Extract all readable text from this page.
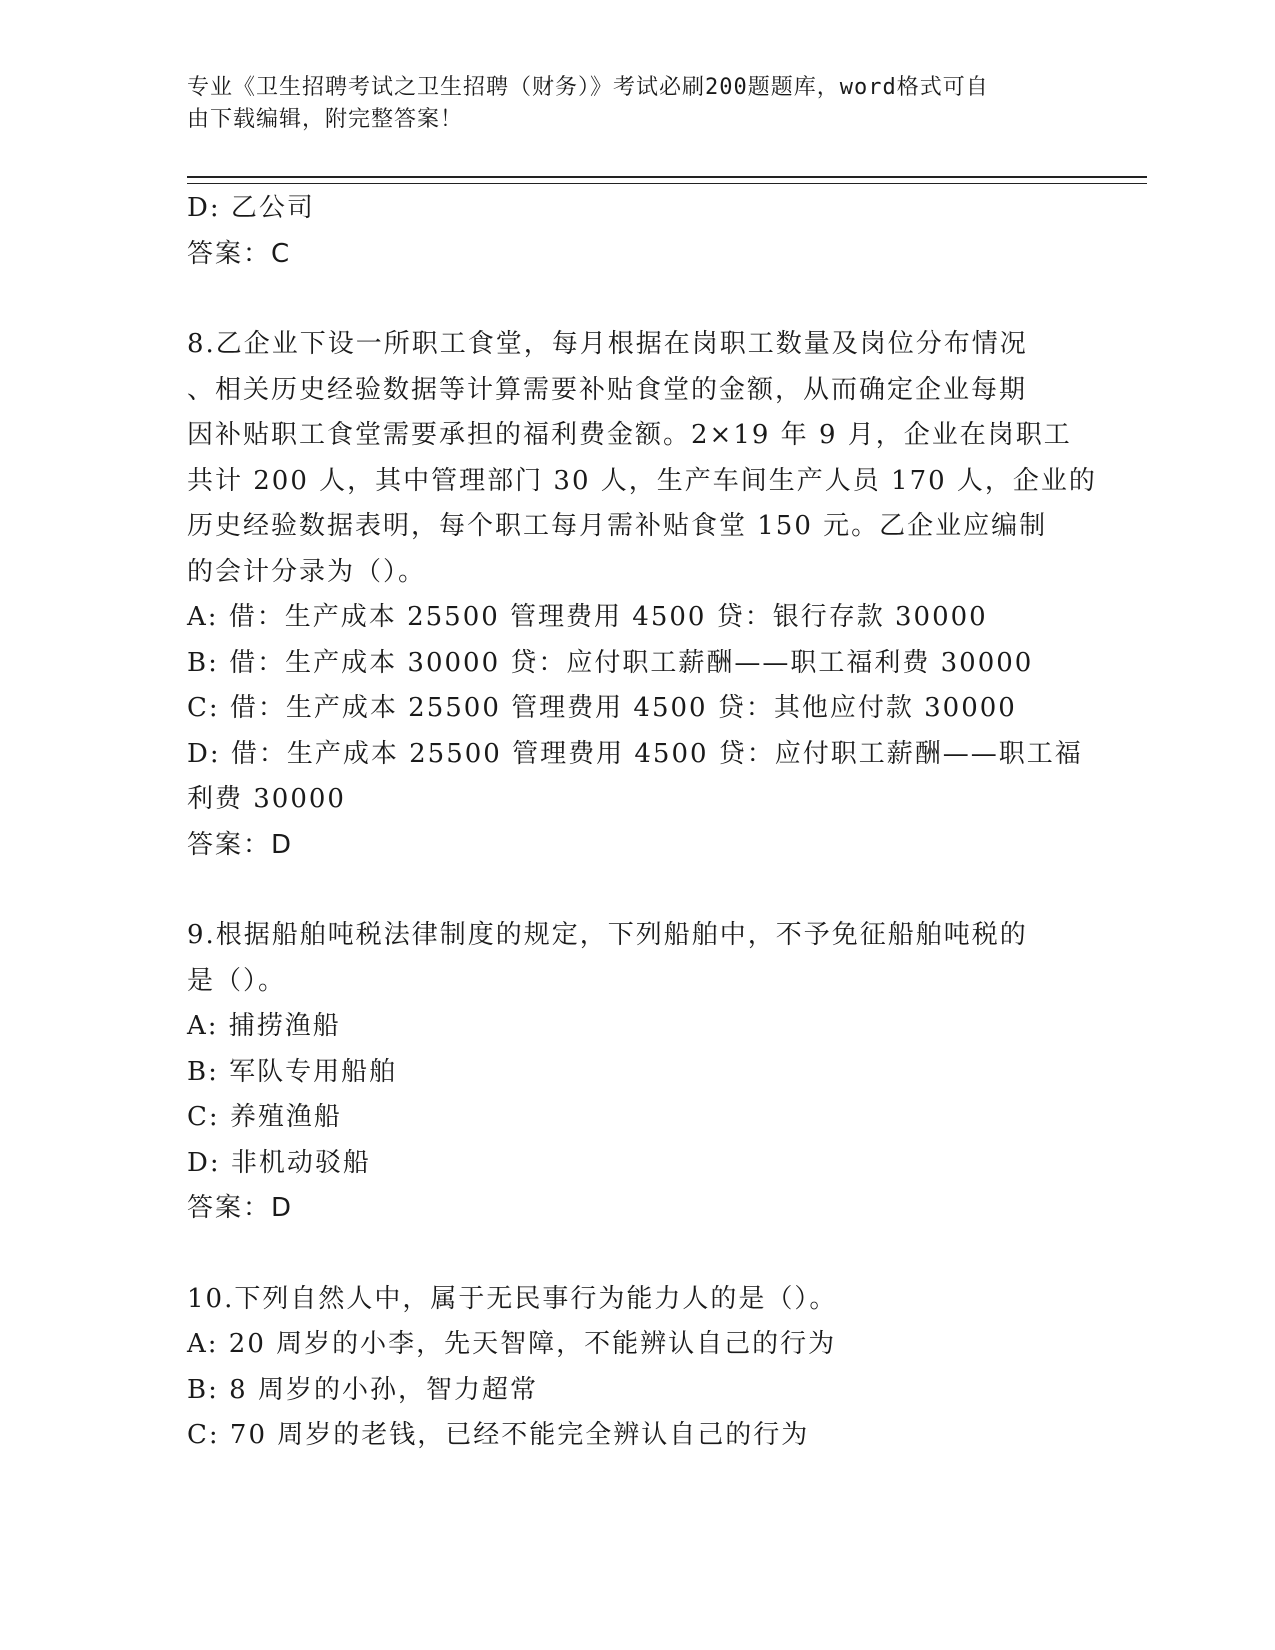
专业《卫生招聘考试之卫生招聘（财务）》考试必刷200题题库，word格式可自
由下载编辑，附完整答案！
D: 乙公司
答案：C
8.乙企业下设一所职工食堂，每月根据在岗职工数量及岗位分布情况
、相关历史经验数据等计算需要补贴食堂的金额，从而确定企业每期
因补贴职工食堂需要承担的福利费金额。2×19 年 9 月，企业在岗职工
共计 200 人，其中管理部门 30 人，生产车间生产人员 170 人，企业的
历史经验数据表明，每个职工每月需补贴食堂 150 元。乙企业应编制
的会计分录为（）。
A: 借：生产成本 25500 管理费用 4500 贷：银行存款 30000
B: 借：生产成本 30000 贷：应付职工薪酬——职工福利费 30000
C: 借：生产成本 25500 管理费用 4500 贷：其他应付款 30000
D: 借：生产成本 25500 管理费用 4500 贷：应付职工薪酬——职工福
利费 30000
答案：D
9.根据船舶吨税法律制度的规定，下列船舶中，不予免征船舶吨税的
是（）。
A: 捕捞渔船
B: 军队专用船舶
C: 养殖渔船
D: 非机动驳船
答案：D
10.下列自然人中，属于无民事行为能力人的是（）。
A: 20 周岁的小李，先天智障，不能辨认自己的行为
B: 8 周岁的小孙，智力超常
C: 70 周岁的老钱，已经不能完全辨认自己的行为
